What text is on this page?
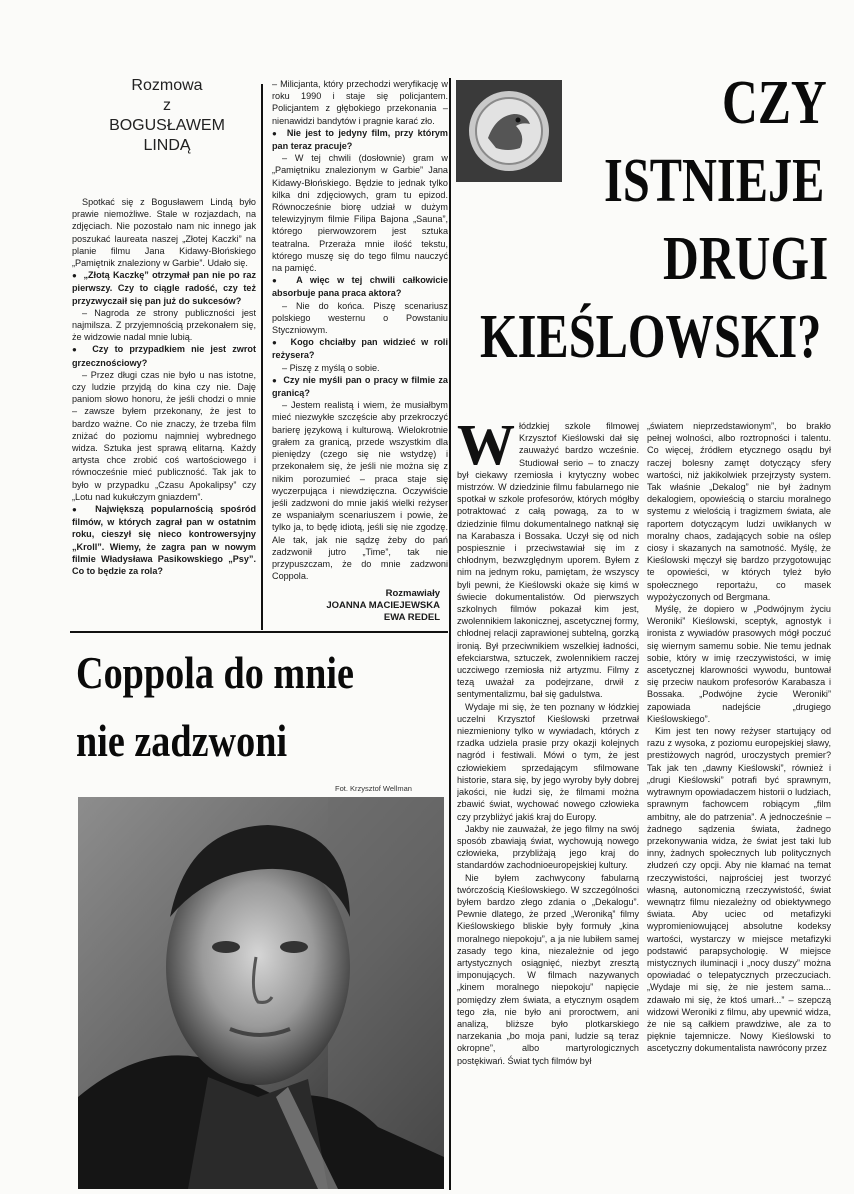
Rozmowa
z
BOGUSŁAWEM
LINDĄ

Spotkać się z Bogusławem Lindą było prawie niemożliwe. Stale w rozjazdach, na zdjęciach. Nie pozostało nam nic innego jak poszukać laureata naszej „Złotej Kaczki” na planie filmu Jana Kidawy-Błońskiego „Pamiętnik znaleziony w Garbie”. Udało się.

●  „Złotą Kaczkę” otrzymał pan nie po raz pierwszy. Czy to ciągle radość, czy też przyzwyczaił się pan już do sukcesów?

– Nagroda ze strony publiczności jest najmilsza. Z przyjemnością przekonałem się, że widzowie nadal mnie lubią.

●  Czy to przypadkiem nie jest zwrot grzecznościowy?

– Przez długi czas nie było u nas istotne, czy ludzie przyjdą do kina czy nie. Daję paniom słowo honoru, że jeśli chodzi o mnie – zawsze byłem przekonany, że jest to bardzo ważne. Co nie znaczy, że trzeba film zniżać do poziomu najmniej wybrednego widza. Sztuka jest sprawą elitarną. Każdy artysta chce zrobić coś wartościowego i równocześnie mieć publiczność. Tak jak to było w przypadku „Czasu Apokalipsy” czy „Lotu nad kukułczym gniazdem”.

●  Największą popularnością spośród filmów, w których zagrał pan w ostatnim roku, cieszył się nieco kontrowersyjny „Kroll”. Wiemy, że zagra pan w nowym filmie Władysława Pasikowskiego „Psy”. Co to będzie za rola?

– Milicjanta, który przechodzi weryfikację w roku 1990 i staje się policjantem. Policjantem z głębokiego przekonania – nienawidzi bandytów i pragnie karać zło.

●  Nie jest to jedyny film, przy którym pan teraz pracuje?

– W tej chwili (dosłownie) gram w „Pamiętniku znalezionym w Garbie” Jana Kidawy-Błońskiego. Będzie to jednak tylko kilka dni zdjęciowych, gram tu epizod. Równocześnie biorę udział w dużym telewizyjnym filmie Filipa Bajona „Sauna”, którego pierwowzorem jest sztuka teatralna. Przeraża mnie ilość tekstu, którego muszę się do tego filmu nauczyć na pamięć.

●  A więc w tej chwili całkowicie absorbuje pana praca aktora?

– Nie do końca. Piszę scenariusz polskiego westernu o Powstaniu Styczniowym.

●  Kogo chciałby pan widzieć w roli reżysera?

– Piszę z myślą o sobie.

●  Czy nie myśli pan o pracy w filmie za granicą?

– Jestem realistą i wiem, że musiałbym mieć niezwykłe szczęście aby przekroczyć barierę językową i kulturową. Wielokrotnie grałem za granicą, przede wszystkim dla pieniędzy (czego się nie wstydzę) i przekonałem się, że jeśli nie można się z nikim porozumieć – praca staje się wyczerpująca i niewdzięczna. Oczywiście jeśli zadzwoni do mnie jakiś wielki reżyser ze wspaniałym scenariuszem i powie, że tylko ja, to będę idiotą, jeśli się nie zgodzę. Ale tak, jak nie sądzę żeby do pań zadzwonił jutro „Time”, tak nie przypuszczam, że do mnie zadzwoni Coppola.

Rozmawiały
JOANNA MACIEJEWSKA
EWA REDEL
Coppola do mnie
nie zadzwoni
Fot. Krzysztof Wellman
CZY
ISTNIEJE
DRUGI
KIEŚLOWSKI?
W łódzkiej szkole filmowej Krzysztof Kieślowski dał się zauważyć bardzo wcześnie. Studiował serio – to znaczy był ciekawy rzemiosła i krytyczny wobec mistrzów. W dziedzinie filmu fabularnego nie spotkał w szkole profesorów, których mógłby potraktować z całą powagą, za to w dziedzinie filmu dokumentalnego natknął się na Karabasza i Bossaka. Uczył się od nich pospiesznie i przeciwstawiał się im z chłodnym, bezwzględnym uporem. Byłem z nim na jednym roku, pamiętam, że wszyscy byli pewni, że Kieślowski okaże się kimś w świecie dokumentalistów. Od pierwszych szkolnych filmów pokazał kim jest, zwolennikiem lakonicznej, ascetycznej formy, chłodnej relacji zaprawionej subtelną, gorzką ironią. Był przeciwnikiem wszelkiej ładności, efekciarstwa, sztuczek, zwolennikiem raczej uczciwego rzemiosła niż artyzmu. Filmy z tezą uważał za podejrzane, drwił z sentymentalizmu, bał się gadulstwa.

Wydaje mi się, że ten poznany w łódzkiej uczelni Krzysztof Kieślowski przetrwał niezmieniony tylko w wywiadach, których z rzadka udziela prasie przy okazji kolejnych nagród i festiwali. Mówi o tym, że jest człowiekiem sprzedającym sfilmowane historie, stara się, by jego wyroby były dobrej jakości, nie łudzi się, że filmami można zbawić świat, wychować nowego człowieka czy przybliżyć jakiś kraj do Europy.

Jakby nie zauważał, że jego filmy na swój sposób zbawiają świat, wychowują nowego człowieka, przybliżają jego kraj do standardów zachodnioeuropejskiej kultury.

Nie byłem zachwycony fabularną twórczością Kieślowskiego. W szczególności byłem bardzo złego zdania o „Dekalogu”. Pewnie dlatego, że przed „Weroniką” filmy Kieślowskiego bliskie były formuły „kina moralnego niepokoju”, a ja nie lubiłem samej zasady tego kina, niezależnie od jego artystycznych osiągnięć, niezbyt zresztą imponujących. W filmach nazywanych „kinem moralnego niepokoju” napięcie pomiędzy złem świata, a etycznym osądem tego zła, nie było ani proroctwem, ani analizą, bliższe było plotkarskiego narzekania „bo moja pani, ludzie są teraz okropne”, albo martyrologicznych postękiwań. Świat tych filmów był

„światem nieprzedstawionym”, bo brakło pełnej wolności, albo roztropności i talentu. Co więcej, źródłem etycznego osądu był raczej bolesny zamęt dotyczący sfery wartości, niż jakikolwiek przejrzysty system. Tak właśnie „Dekalog” nie był żadnym dekalogiem, opowieścią o starciu moralnego systemu z wielością i tragizmem świata, ale raportem dotyczącym ludzi uwikłanych w moralny chaos, zadających sobie na oślep ciosy i skazanych na samotność. Myślę, że Kieślowski męczył się bardzo przygotowując te opowieści, w których tyleż było społecznego reportażu, co masek wypożyczonych od Bergmana.

Myślę, że dopiero w „Podwójnym życiu Weroniki” Kieślowski, sceptyk, agnostyk i ironista z wywiadów prasowych mógł poczuć się wiernym samemu sobie. Nie temu jednak sobie, który w imię rzeczywistości, w imię ascetycznej klarowności wywodu, buntował się przeciw naukom profesorów Karabasza i Bossaka. „Podwójne życie Weroniki” zapowiada nadejście „drugiego Kieślowskiego”.

Kim jest ten nowy reżyser startujący od razu z wysoka, z poziomu europejskiej sławy, prestiżowych nagród, uroczystych premier? Tak jak ten „dawny Kieślowski”, również i „drugi Kieślowski” potrafi być sprawnym, wytrawnym opowiadaczem historii o ludziach, sprawnym fachowcem robiącym „film ambitny, ale do patrzenia”. A jednocześnie – żadnego sądzenia świata, żadnego przekonywania widza, że świat jest taki lub inny, żadnych społecznych lub politycznych złudzeń czy opcji. Aby nie kłamać na temat rzeczywistości, najprościej jest tworzyć własną, autonomiczną rzeczywistość, świat wewnątrz filmu niezależny od obiektywnego świata. Aby uciec od metafizyki wypromieniowującej absolutne kodeksy wartości, wystarczy w miejsce metafizyki podstawić parapsychologię. W miejsce mistycznych iluminacji i „nocy duszy” można opowiadać o telepatycznych przeczuciach. „Wydaje mi się, że nie jestem sama... zdawało mi się, że ktoś umarł...” – szepczą widzowi Weroniki z filmu, aby upewnić widza, że nie są całkiem prawdziwe, ale za to pięknie tajemnicze. Nowy Kieślowski to ascetyczny dokumentalista nawrócony przez
